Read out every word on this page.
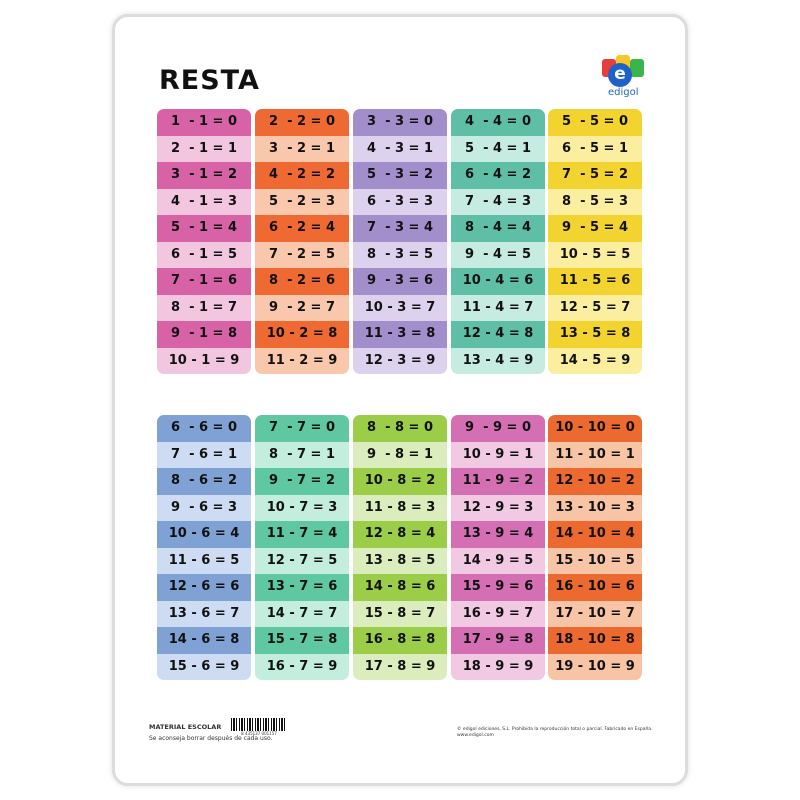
RESTA	e
edigol
1  - 1 = 0
2  - 1 = 1
3  - 1 = 2
4  - 1 = 3
5  - 1 = 4
6  - 1 = 5
7  - 1 = 6
8  - 1 = 7
9  - 1 = 8
10 - 1 = 9
2  - 2 = 0
3  - 2 = 1
4  - 2 = 2
5  - 2 = 3
6  - 2 = 4
7  - 2 = 5
8  - 2 = 6
9  - 2 = 7
10 - 2 = 8
11 - 2 = 9
3  - 3 = 0
4  - 3 = 1
5  - 3 = 2
6  - 3 = 3
7  - 3 = 4
8  - 3 = 5
9  - 3 = 6
10 - 3 = 7
11 - 3 = 8
12 - 3 = 9
4  - 4 = 0
5  - 4 = 1
6  - 4 = 2
7  - 4 = 3
8  - 4 = 4
9  - 4 = 5
10 - 4 = 6
11 - 4 = 7
12 - 4 = 8
13 - 4 = 9
5  - 5 = 0
6  - 5 = 1
7  - 5 = 2
8  - 5 = 3
9  - 5 = 4
10 - 5 = 5
11 - 5 = 6
12 - 5 = 7
13 - 5 = 8
14 - 5 = 9
6  - 6 = 0
7  - 6 = 1
8  - 6 = 2
9  - 6 = 3
10 - 6 = 4
11 - 6 = 5
12 - 6 = 6
13 - 6 = 7
14 - 6 = 8
15 - 6 = 9
7  - 7 = 0
8  - 7 = 1
9  - 7 = 2
10 - 7 = 3
11 - 7 = 4
12 - 7 = 5
13 - 7 = 6
14 - 7 = 7
15 - 7 = 8
16 - 7 = 9
8  - 8 = 0
9  - 8 = 1
10 - 8 = 2
11 - 8 = 3
12 - 8 = 4
13 - 8 = 5
14 - 8 = 6
15 - 8 = 7
16 - 8 = 8
17 - 8 = 9
9  - 9 = 0
10 - 9 = 1
11 - 9 = 2
12 - 9 = 3
13 - 9 = 4
14 - 9 = 5
15 - 9 = 6
16 - 9 = 7
17 - 9 = 8
18 - 9 = 9
10 - 10 = 0
11 - 10 = 1
12 - 10 = 2
13 - 10 = 3
14 - 10 = 4
15 - 10 = 5
16 - 10 = 6
17 - 10 = 7
18 - 10 = 8
19 - 10 = 9
MATERIAL ESCOLAR
Se aconseja borrar después de cada uso.
8 435137 001157
© edigol ediciones, S.L. Prohibida la reproducción total o parcial. Fabricado en España. www.edigol.com
